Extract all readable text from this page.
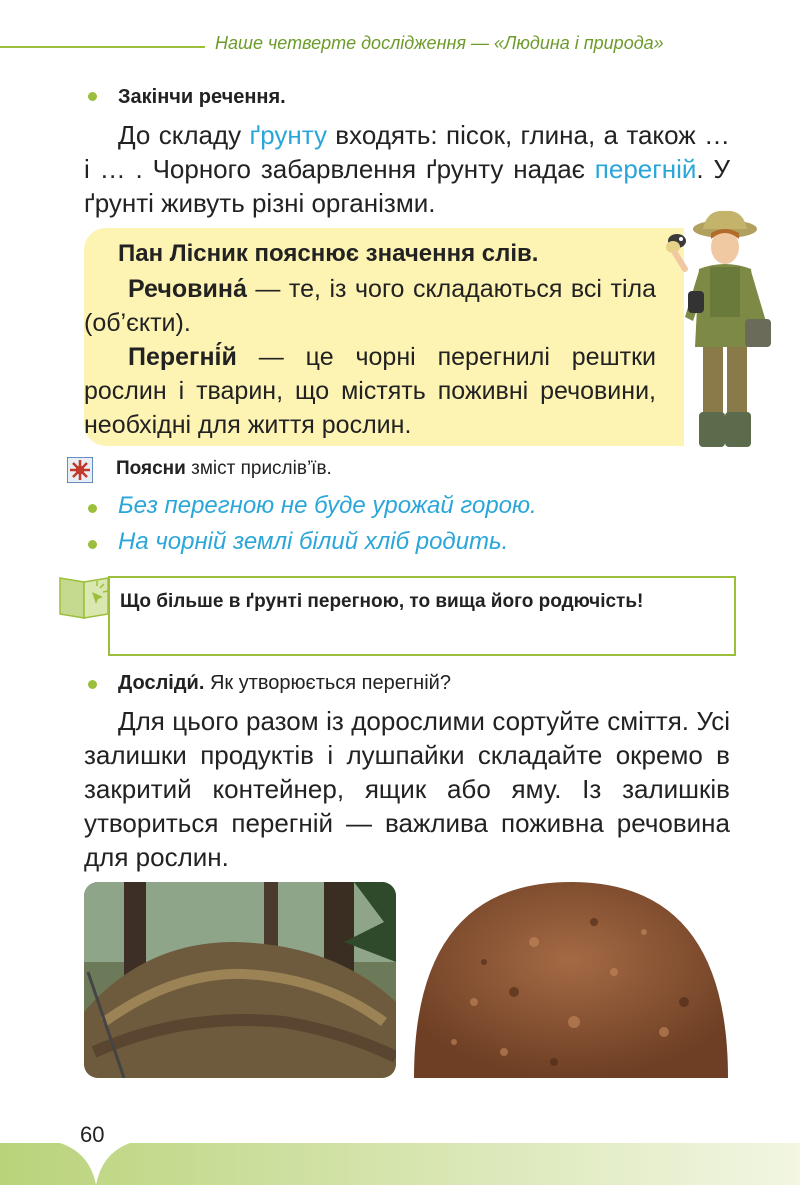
Наше четверте дослідження — «Людина і природа»
Закінчи речення.
До складу ґрунту входять: пісок, глина, а також … і … . Чорного забарвлення ґрунту надає перегній. У ґрунті живуть різні організми.
Пан Лісник пояснює значення слів.
Речовина́ — те, із чого складаються всі тіла (об’єкти).
Перегні́й — це чорні перегнилі рештки рослин і тварин, що містять поживні речовини, необхідні для життя рослин.
Поясни зміст прислів’їв.
Без перегною не буде урожай горою.
На чорній землі білий хліб родить.
Що більше в ґрунті перегною, то вища його родючість!
Досліди́. Як утворюється перегній?
Для цього разом із дорослими сортуйте сміття. Усі залишки продуктів і лушпайки складайте окремо в закритий контейнер, ящик або яму. Із залишків утвориться перегній — важлива поживна речовина для рослин.
60
